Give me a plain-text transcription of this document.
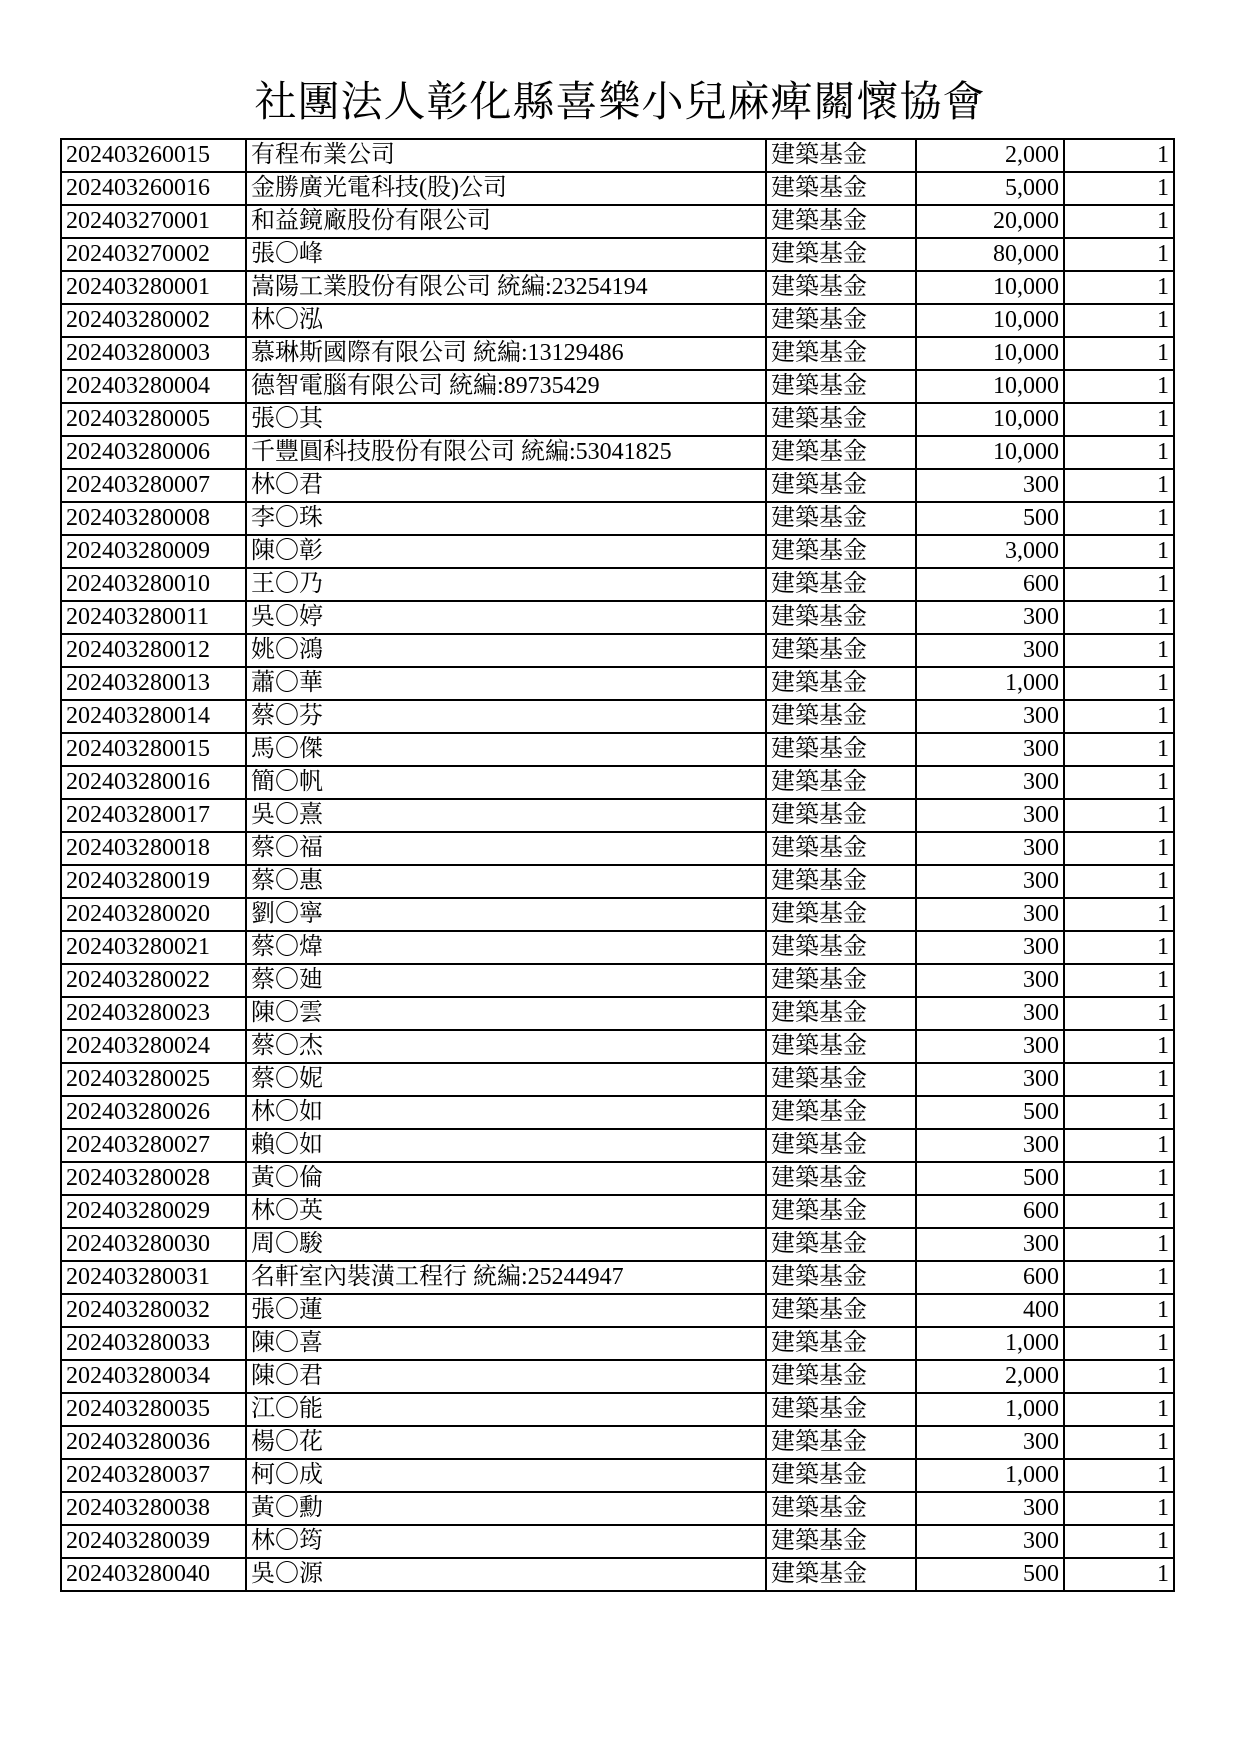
社團法人彰化縣喜樂小兒麻痺關懷協會
202403260015	有程布業公司	建築基金	2,000	1
202403260016	金勝廣光電科技(股)公司	建築基金	5,000	1
202403270001	和益鏡廠股份有限公司	建築基金	20,000	1
202403270002	張〇峰	建築基金	80,000	1
202403280001	嵩陽工業股份有限公司 統編:23254194	建築基金	10,000	1
202403280002	林〇泓	建築基金	10,000	1
202403280003	慕琳斯國際有限公司 統編:13129486	建築基金	10,000	1
202403280004	德智電腦有限公司 統編:89735429	建築基金	10,000	1
202403280005	張〇其	建築基金	10,000	1
202403280006	千豐圓科技股份有限公司 統編:53041825	建築基金	10,000	1
202403280007	林〇君	建築基金	300	1
202403280008	李〇珠	建築基金	500	1
202403280009	陳〇彰	建築基金	3,000	1
202403280010	王〇乃	建築基金	600	1
202403280011	吳〇婷	建築基金	300	1
202403280012	姚〇鴻	建築基金	300	1
202403280013	蕭〇華	建築基金	1,000	1
202403280014	蔡〇芬	建築基金	300	1
202403280015	馬〇傑	建築基金	300	1
202403280016	簡〇帆	建築基金	300	1
202403280017	吳〇熹	建築基金	300	1
202403280018	蔡〇福	建築基金	300	1
202403280019	蔡〇惠	建築基金	300	1
202403280020	劉〇寧	建築基金	300	1
202403280021	蔡〇煒	建築基金	300	1
202403280022	蔡〇廸	建築基金	300	1
202403280023	陳〇雲	建築基金	300	1
202403280024	蔡〇杰	建築基金	300	1
202403280025	蔡〇妮	建築基金	300	1
202403280026	林〇如	建築基金	500	1
202403280027	賴〇如	建築基金	300	1
202403280028	黃〇倫	建築基金	500	1
202403280029	林〇英	建築基金	600	1
202403280030	周〇駿	建築基金	300	1
202403280031	名軒室內裝潢工程行 統編:25244947	建築基金	600	1
202403280032	張〇蓮	建築基金	400	1
202403280033	陳〇喜	建築基金	1,000	1
202403280034	陳〇君	建築基金	2,000	1
202403280035	江〇能	建築基金	1,000	1
202403280036	楊〇花	建築基金	300	1
202403280037	柯〇成	建築基金	1,000	1
202403280038	黃〇勳	建築基金	300	1
202403280039	林〇筠	建築基金	300	1
202403280040	吳〇源	建築基金	500	1
